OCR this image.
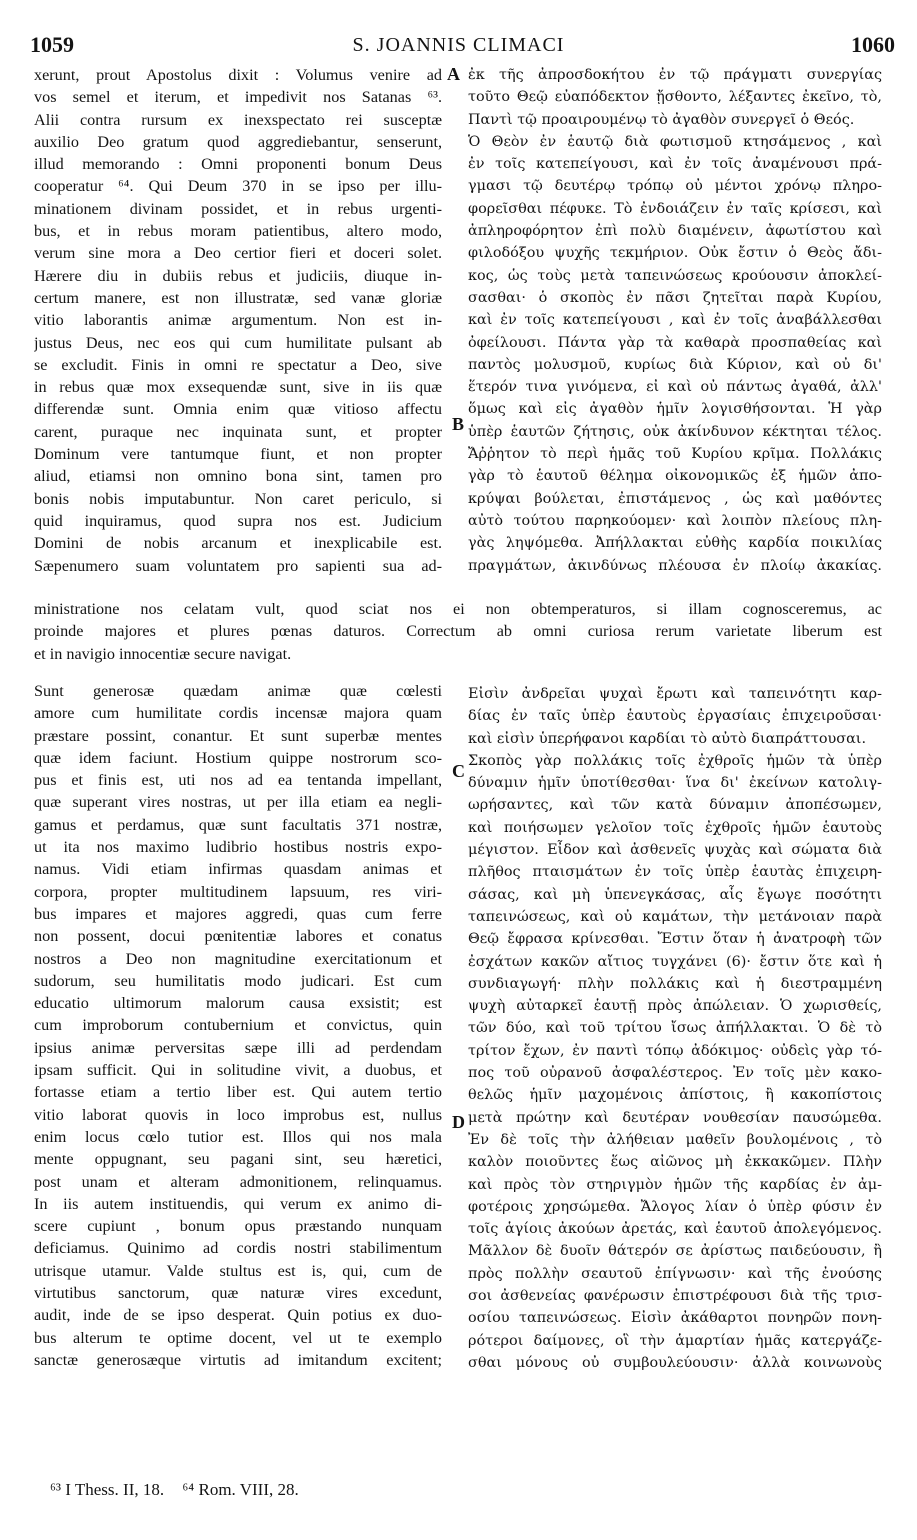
1059	S. JOANNIS CLIMACI	1060
xerunt, prout Apostolus dixit : Volumus venire ad
vos semel et iterum, et impedivit nos Satanas ⁶³.
Alii contra rursum ex inexspectato rei susceptæ
auxilio Deo gratum quod aggrediebantur, senserunt,
illud memorando : Omni proponenti bonum Deus
cooperatur ⁶⁴. Qui Deum 370 in se ipso per illu-
minationem divinam possidet, et in rebus urgenti-
bus, et in rebus moram patientibus, altero modo,
verum sine mora a Deo certior fieri et doceri solet.
Hærere diu in dubiis rebus et judiciis, diuque in-
certum manere, est non illustratæ, sed vanæ gloriæ
vitio laborantis animæ argumentum. Non est in-
justus Deus, nec eos qui cum humilitate pulsant ab
se excludit. Finis in omni re spectatur a Deo, sive
in rebus quæ mox exsequendæ sunt, sive in iis quæ
differendæ sunt. Omnia enim quæ vitioso affectu
carent, puraque nec inquinata sunt, et propter
Dominum vere tantumque fiunt, et non propter
aliud, etiamsi non omnino bona sint, tamen pro
bonis nobis imputabuntur. Non caret periculo, si
quid inquiramus, quod supra nos est. Judicium
Domini de nobis arcanum et inexplicabile est.
Sæpenumero suam voluntatem pro sapienti sua ad-
ἐκ τῆς ἀπροσδοκήτου ἐν τῷ πράγματι συνεργίας
τοῦτο Θεῷ εὐαπόδεκτον ᾔσθοντο, λέξαντες ἐκεῖνο, τὸ,
Παντὶ τῷ προαιρουμένῳ τὸ ἀγαθὸν συνεργεῖ ὁ Θεός.
Ὁ Θεὸν ἐν ἑαυτῷ διὰ φωτισμοῦ κτησάμενος , καὶ
ἐν τοῖς κατεπείγουσι, καὶ ἐν τοῖς ἀναμένουσι πρά-
γμασι τῷ δευτέρῳ τρόπῳ οὐ μέντοι χρόνῳ πληρο-
φορεῖσθαι πέφυκε. Τὸ ἐνδοιάζειν ἐν ταῖς κρίσεσι, καὶ
ἀπληροφόρητον ἐπὶ πολὺ διαμένειν, ἀφωτίστου καὶ
φιλοδόξου ψυχῆς τεκμήριον. Οὐκ ἔστιν ὁ Θεὸς ἄδι-
κος, ὡς τοὺς μετὰ ταπεινώσεως κρούουσιν ἀποκλεί-
σασθαι· ὁ σκοπὸς ἐν πᾶσι ζητεῖται παρὰ Κυρίου,
καὶ ἐν τοῖς κατεπείγουσι , καὶ ἐν τοῖς ἀναβάλλεσθαι
ὀφείλουσι. Πάντα γὰρ τὰ καθαρὰ προσπαθείας καὶ
παντὸς μολυσμοῦ, κυρίως διὰ Κύριον, καὶ οὐ δι'
ἕτερόν τινα γινόμενα, εἰ καὶ οὐ πάντως ἀγαθά, ἀλλ'
ὅμως καὶ εἰς ἀγαθὸν ἡμῖν λογισθήσονται. Ἡ γὰρ
ὑπὲρ ἑαυτῶν ζήτησις, οὐκ ἀκίνδυνον κέκτηται τέλος.
Ἄῤῥητον τὸ περὶ ἡμᾶς τοῦ Κυρίου κρῖμα. Πολλάκις
γὰρ τὸ ἑαυτοῦ θέλημα οἰκονομικῶς ἐξ ἡμῶν ἀπο-
κρύψαι βούλεται, ἐπιστάμενος , ὡς καὶ μαθόντες
αὐτὸ τούτου παρηκούομεν· καὶ λοιπὸν πλείους πλη-
γὰς ληψόμεθα. Ἀπήλλακται εὐθὴς καρδία ποικιλίας
πραγμάτων, ἀκινδύνως πλέουσα ἐν πλοίῳ ἀκακίας.
ministratione nos celatam vult, quod sciat nos ei non obtemperaturos, si illam cognosceremus, ac
proinde majores et plures pœnas daturos. Correctum ab omni curiosa rerum varietate liberum est
et in navigio innocentiæ secure navigat.
Sunt generosæ quædam animæ quæ cœlesti
amore cum humilitate cordis incensæ majora quam
præstare possint, conantur. Et sunt superbæ mentes
quæ idem faciunt. Hostium quippe nostrorum sco-
pus et finis est, uti nos ad ea tentanda impellant,
quæ superant vires nostras, ut per illa etiam ea negli-
gamus et perdamus, quæ sunt facultatis 371 nostræ,
ut ita nos maximo ludibrio hostibus nostris expo-
namus. Vidi etiam infirmas quasdam animas et
corpora, propter multitudinem lapsuum, res viri-
bus impares et majores aggredi, quas cum ferre
non possent, docui pœnitentiæ labores et conatus
nostros a Deo non magnitudine exercitationum et
sudorum, seu humilitatis modo judicari. Est cum
educatio ultimorum malorum causa exsistit; est
cum improborum contubernium et convictus, quin
ipsius animæ perversitas sæpe illi ad perdendam
ipsam sufficit. Qui in solitudine vivit, a duobus, et
fortasse etiam a tertio liber est. Qui autem tertio
vitio laborat quovis in loco improbus est, nullus
enim locus cœlo tutior est. Illos qui nos mala
mente oppugnant, seu pagani sint, seu hæretici,
post unam et alteram admonitionem, relinquamus.
In iis autem instituendis, qui verum ex animo di-
scere cupiunt , bonum opus præstando nunquam
deficiamus. Quinimo ad cordis nostri stabilimentum
utrisque utamur. Valde stultus est is, qui, cum de
virtutibus sanctorum, quæ naturæ vires excedunt,
audit, inde de se ipso desperat. Quin potius ex duo-
bus alterum te optime docent, vel ut te exemplo
sanctæ generosæque virtutis ad imitandum excitent;
Εἰσὶν ἀνδρεῖαι ψυχαὶ ἔρωτι καὶ ταπεινότητι καρ-
δίας ἐν ταῖς ὑπὲρ ἑαυτοὺς ἐργασίαις ἐπιχειροῦσαι·
καὶ εἰσὶν ὑπερήφανοι καρδίαι τὸ αὐτὸ διαπράττουσαι.
Σκοπὸς γὰρ πολλάκις τοῖς ἐχθροῖς ἡμῶν τὰ ὑπὲρ
δύναμιν ἡμῖν ὑποτίθεσθαι· ἵνα δι' ἐκείνων κατολιγ-
ωρήσαντες, καὶ τῶν κατὰ δύναμιν ἀποπέσωμεν,
καὶ ποιήσωμεν γελοῖον τοῖς ἐχθροῖς ἡμῶν ἑαυτοὺς
μέγιστον. Εἶδον καὶ ἀσθενεῖς ψυχὰς καὶ σώματα διὰ
πλῆθος πταισμάτων ἐν τοῖς ὑπὲρ ἑαυτὰς ἐπιχειρη-
σάσας, καὶ μὴ ὑπενεγκάσας, αἷς ἔγωγε ποσότητι
ταπεινώσεως, καὶ οὐ καμάτων, τὴν μετάνοιαν παρὰ
Θεῷ ἔφρασα κρίνεσθαι. Ἔστιν ὅταν ἡ ἀνατροφὴ τῶν
ἐσχάτων κακῶν αἴτιος τυγχάνει (6)· ἔστιν ὅτε καὶ ἡ
συνδιαγωγή· πλὴν πολλάκις καὶ ἡ διεστραμμένη
ψυχὴ αὐταρκεῖ ἑαυτῇ πρὸς ἀπώλειαν. Ὁ χωρισθείς,
τῶν δύο, καὶ τοῦ τρίτου ἴσως ἀπήλλακται. Ὁ δὲ τὸ
τρίτον ἔχων, ἐν παντὶ τόπῳ ἀδόκιμος· οὐδεὶς γὰρ τό-
πος τοῦ οὐρανοῦ ἀσφαλέστερος. Ἐν τοῖς μὲν κακο-
θελῶς ἡμῖν μαχομένοις ἀπίστοις, ἢ κακοπίστοις
μετὰ πρώτην καὶ δευτέραν νουθεσίαν παυσώμεθα.
Ἐν δὲ τοῖς τὴν ἀλήθειαν μαθεῖν βουλομένοις , τὸ
καλὸν ποιοῦντες ἕως αἰῶνος μὴ ἐκκακῶμεν. Πλὴν
καὶ πρὸς τὸν στηριγμὸν ἡμῶν τῆς καρδίας ἐν ἀμ-
φοτέροις χρησώμεθα. Ἄλογος λίαν ὁ ὑπὲρ φύσιν ἐν
τοῖς ἁγίοις ἀκούων ἀρετάς, καὶ ἑαυτοῦ ἀπολεγόμενος.
Μᾶλλον δὲ δυοῖν θάτερόν σε ἀρίστως παιδεύουσιν, ἢ
πρὸς πολλὴν σεαυτοῦ ἐπίγνωσιν· καὶ τῆς ἐνούσης
σοι ἀσθενείας φανέρωσιν ἐπιστρέφουσι διὰ τῆς τρισ-
οσίου ταπεινώσεως. Εἰσὶν ἀκάθαρτοι πονηρῶν πονη-
ρότεροι δαίμονες, οἳ τὴν ἁμαρτίαν ἡμᾶς κατεργάζε-
σθαι μόνους οὐ συμβουλεύουσιν· ἀλλὰ κοινωνοὺς
A
B
C
D
⁶³ I Thess. II, 18. ⁶⁴ Rom. VIII, 28.
